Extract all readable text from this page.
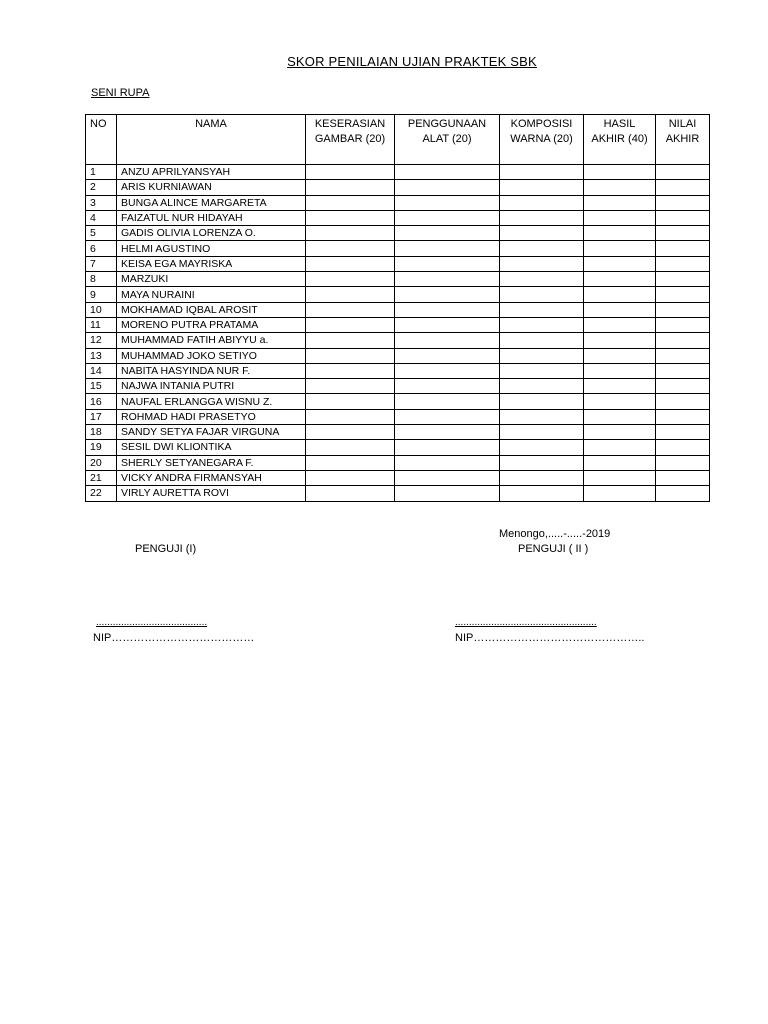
SKOR PENILAIAN UJIAN PRAKTEK SBK
SENI RUPA
NO	NAMA	KESERASIAN GAMBAR (20)	PENGGUNAAN ALAT (20)	KOMPOSISI WARNA (20)	HASIL AKHIR (40)	NILAI AKHIR
1	ANZU APRILYANSYAH					
2	ARIS KURNIAWAN					
3	BUNGA ALINCE MARGARETA					
4	FAIZATUL NUR HIDAYAH					
5	GADIS OLIVIA LORENZA O.					
6	HELMI AGUSTINO					
7	KEISA EGA MAYRISKA					
8	MARZUKI					
9	MAYA NURAINI					
10	MOKHAMAD IQBAL AROSIT					
11	MORENO PUTRA PRATAMA					
12	MUHAMMAD FATIH ABIYYU a.					
13	MUHAMMAD JOKO SETIYO					
14	NABITA HASYINDA NUR F.					
15	NAJWA INTANIA PUTRI					
16	NAUFAL ERLANGGA WISNU Z.					
17	ROHMAD HADI PRASETYO					
18	SANDY SETYA FAJAR VIRGUNA					
19	SESIL DWI KLIONTIKA					
20	SHERLY SETYANEGARA F.					
21	VICKY ANDRA FIRMANSYAH					
22	VIRLY AURETTA ROVI					
Menongo,.....-.....-2019
PENGUJI (I)	PENGUJI ( II )
........................................	...................................................
NIP…………………………………	NIP………………………………………..
